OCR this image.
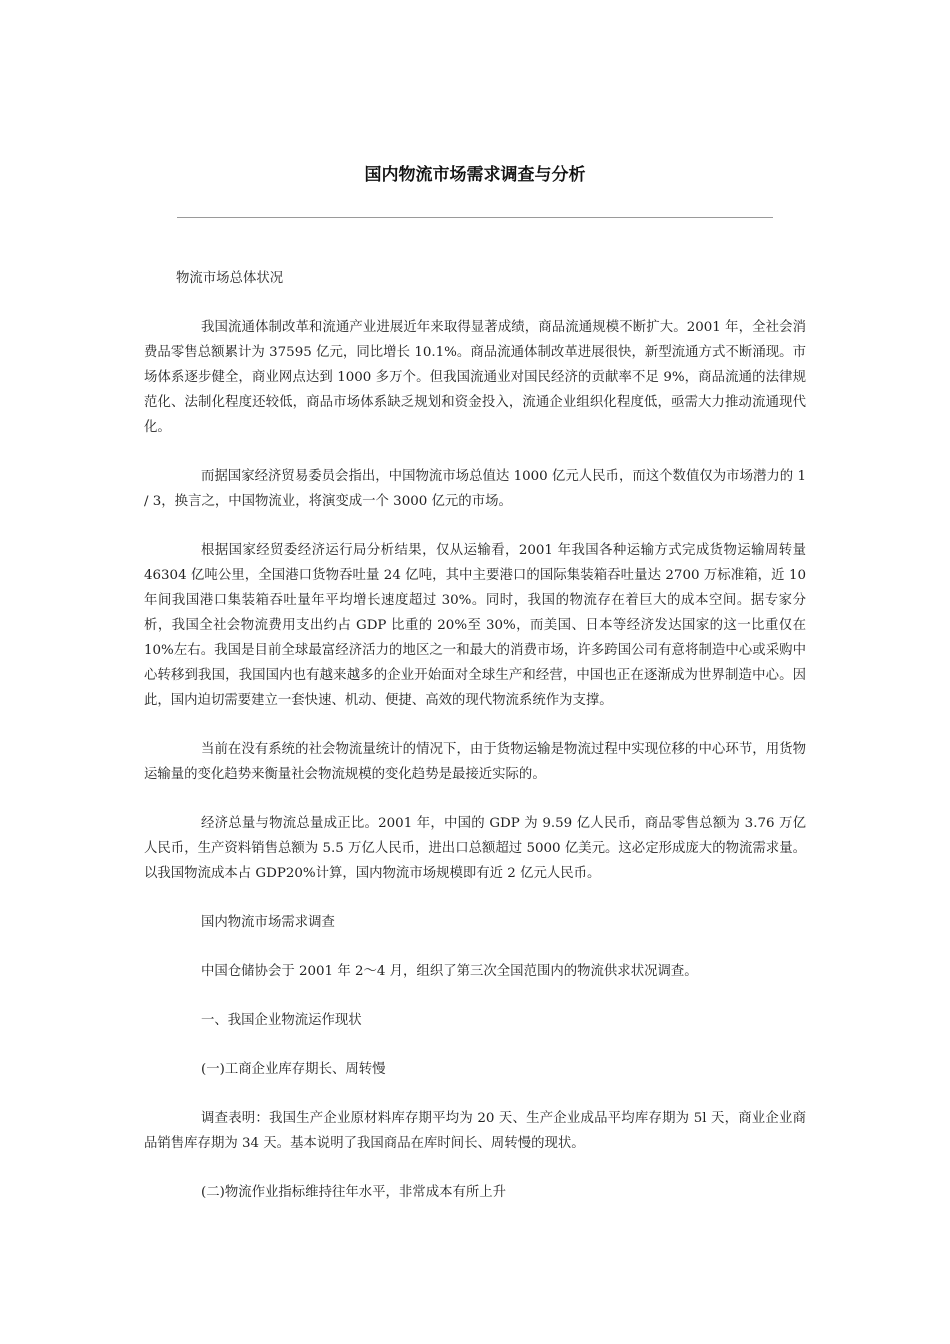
国内物流市场需求调查与分析

物流市场总体状况

我国流通体制改革和流通产业进展近年来取得显著成绩，商品流通规模不断扩大。2001 年，全社会消费品零售总额累计为 37595 亿元，同比增长 10.1%。商品流通体制改革进展很快，新型流通方式不断涌现。市场体系逐步健全，商业网点达到 1000 多万个。但我国流通业对国民经济的贡献率不足 9%，商品流通的法律规范化、法制化程度还较低，商品市场体系缺乏规划和资金投入，流通企业组织化程度低，亟需大力推动流通现代化。

而据国家经济贸易委员会指出，中国物流市场总值达 1000 亿元人民币，而这个数值仅为市场潜力的 1 / 3，换言之，中国物流业，将演变成一个 3000 亿元的市场。

根据国家经贸委经济运行局分析结果，仅从运输看，2001 年我国各种运输方式完成货物运输周转量 46304 亿吨公里，全国港口货物吞吐量 24 亿吨，其中主要港口的国际集装箱吞吐量达 2700 万标准箱，近 10 年间我国港口集装箱吞吐量年平均增长速度超过 30%。同时，我国的物流存在着巨大的成本空间。据专家分析，我国全社会物流费用支出约占 GDP 比重的 20%至 30%，而美国、日本等经济发达国家的这一比重仅在 10%左右。我国是目前全球最富经济活力的地区之一和最大的消费市场，许多跨国公司有意将制造中心或采购中心转移到我国，我国国内也有越来越多的企业开始面对全球生产和经营，中国也正在逐渐成为世界制造中心。因此，国内迫切需要建立一套快速、机动、便捷、高效的现代物流系统作为支撑。

当前在没有系统的社会物流量统计的情况下，由于货物运输是物流过程中实现位移的中心环节，用货物运输量的变化趋势来衡量社会物流规模的变化趋势是最接近实际的。

经济总量与物流总量成正比。2001 年，中国的 GDP 为 9.59 亿人民币，商品零售总额为 3.76 万亿人民币，生产资料销售总额为 5.5 万亿人民币，进出口总额超过 5000 亿美元。这必定形成庞大的物流需求量。以我国物流成本占 GDP20%计算，国内物流市场规模即有近 2 亿元人民币。

国内物流市场需求调查

中国仓储协会于 2001 年 2～4 月，组织了第三次全国范围内的物流供求状况调查。

一、我国企业物流运作现状

(一)工商企业库存期长、周转慢

调查表明：我国生产企业原材料库存期平均为 20 天、生产企业成品平均库存期为 5l 天，商业企业商品销售库存期为 34 天。基本说明了我国商品在库时间长、周转慢的现状。

(二)物流作业指标维持往年水平，非常成本有所上升
